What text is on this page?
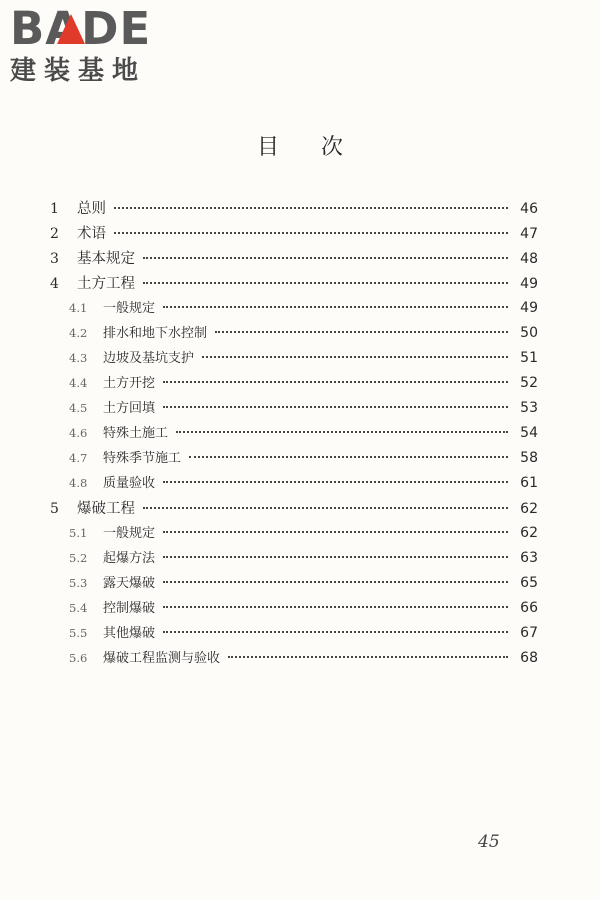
BADE
建装基地
目次
1	总则	46
2	术语	47
3	基本规定	48
4	土方工程	49
4.1	一般规定	49
4.2	排水和地下水控制	50
4.3	边坡及基坑支护	51
4.4	土方开挖	52
4.5	土方回填	53
4.6	特殊土施工	54
4.7	特殊季节施工	58
4.8	质量验收	61
5	爆破工程	62
5.1	一般规定	62
5.2	起爆方法	63
5.3	露天爆破	65
5.4	控制爆破	66
5.5	其他爆破	67
5.6	爆破工程监测与验收	68
45
